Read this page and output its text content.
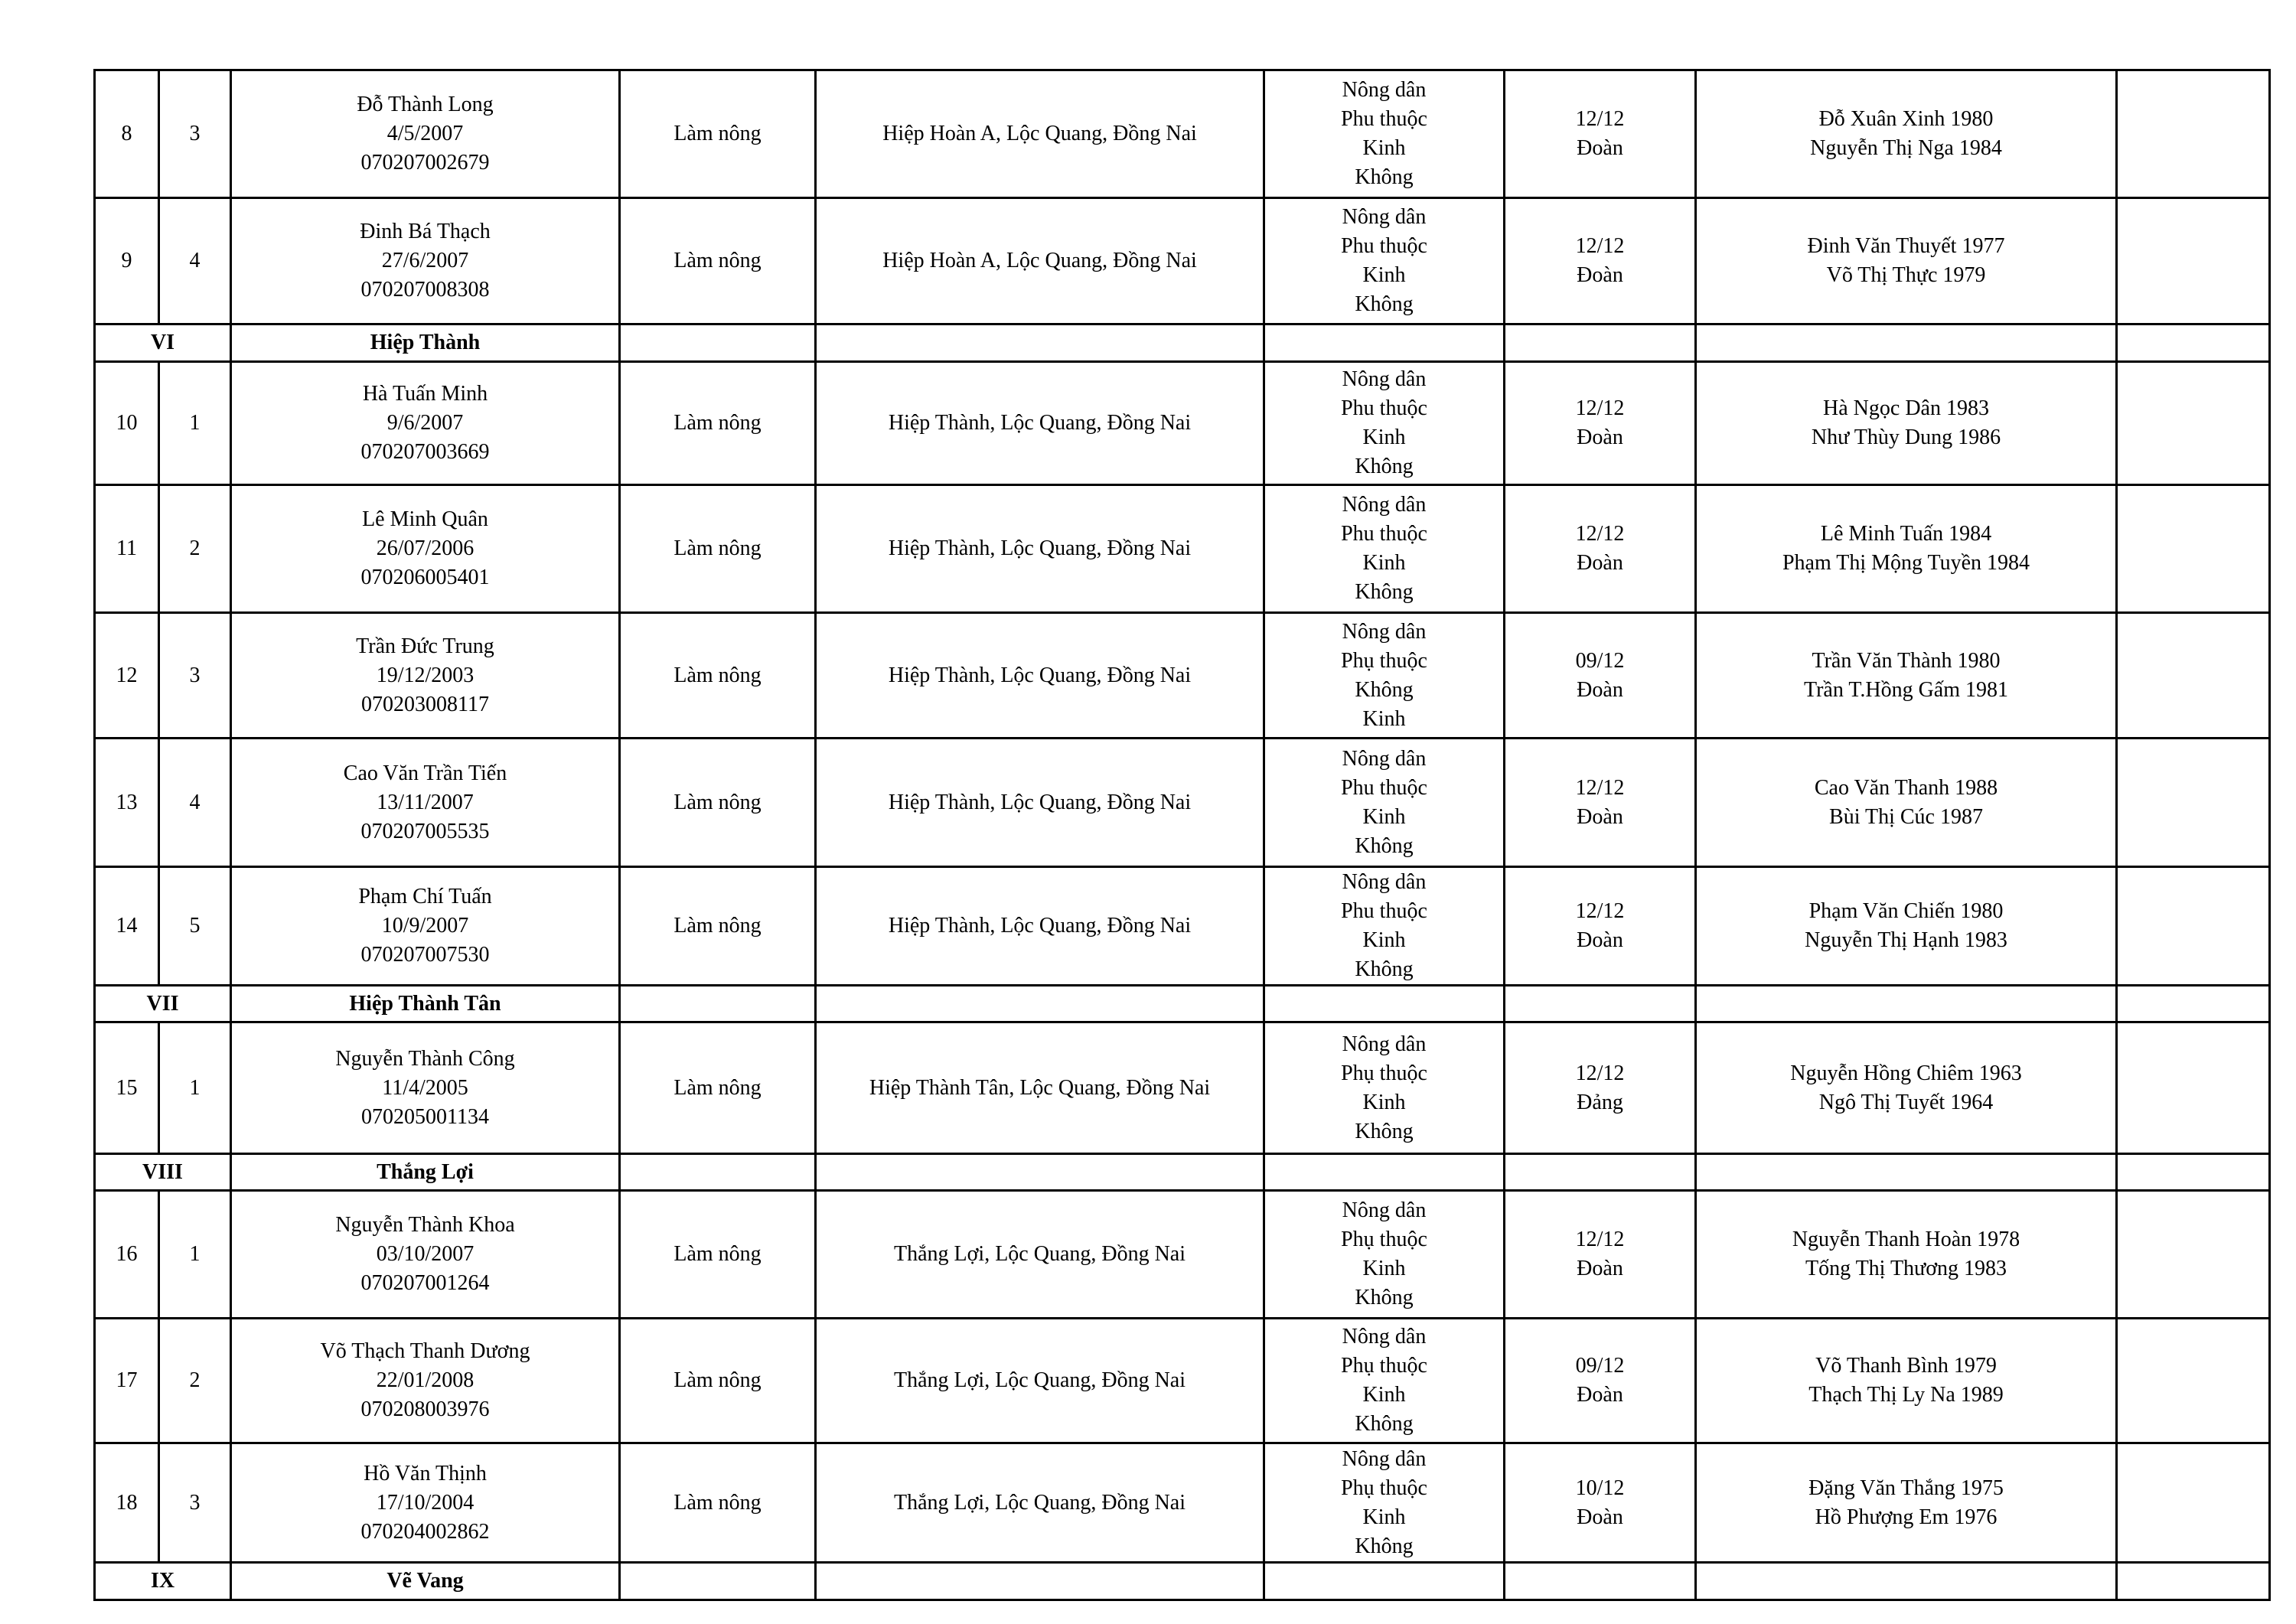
8	3	Đỗ Thành Long
4/5/2007
070207002679	Làm nông	Hiệp Hoàn A, Lộc Quang, Đồng Nai	Nông dân
Phu thuộc
Kinh
Không	12/12
Đoàn	Đỗ Xuân Xinh 1980
Nguyễn Thị Nga 1984	

9	4	Đinh Bá Thạch
27/6/2007
070207008308	Làm nông	Hiệp Hoàn A, Lộc Quang, Đồng Nai	Nông dân
Phu thuộc
Kinh
Không	12/12
Đoàn	Đinh Văn Thuyết 1977
Võ Thị Thực 1979	

VI		Hiệp Thành						
10	1	Hà Tuấn Minh
9/6/2007
070207003669	Làm nông	Hiệp Thành, Lộc Quang, Đồng Nai	Nông dân
Phu thuộc
Kinh
Không	12/12
Đoàn	Hà Ngọc Dân 1983
Như Thùy Dung 1986	

11	2	Lê Minh Quân
26/07/2006
070206005401	Làm nông	Hiệp Thành, Lộc Quang, Đồng Nai	Nông dân
Phu thuộc
Kinh
Không	12/12
Đoàn	Lê Minh Tuấn 1984
Phạm Thị Mộng Tuyền 1984	

12	3	Trần Đức Trung
19/12/2003
070203008117	Làm nông	Hiệp Thành, Lộc Quang, Đồng Nai	Nông dân
Phụ thuộc
Không
Kinh	09/12
Đoàn	Trần Văn Thành 1980
Trần T.Hồng Gấm 1981	

13	4	Cao Văn Trần Tiến
13/11/2007
070207005535	Làm nông	Hiệp Thành, Lộc Quang, Đồng Nai	Nông dân
Phu thuộc
Kinh
Không	12/12
Đoàn	Cao Văn Thanh 1988
Bùi Thị Cúc 1987	

14	5	Phạm Chí Tuấn
10/9/2007
070207007530	Làm nông	Hiệp Thành, Lộc Quang, Đồng Nai	Nông dân
Phu thuộc
Kinh
Không	12/12
Đoàn	Phạm Văn Chiến 1980
Nguyễn Thị Hạnh 1983	

VII		Hiệp Thành Tân						
15	1	Nguyễn Thành Công
11/4/2005
070205001134	Làm nông	Hiệp Thành Tân, Lộc Quang, Đồng Nai	Nông dân
Phụ thuộc
Kinh
Không	12/12
Đảng	Nguyễn Hồng Chiêm 1963
Ngô Thị Tuyết 1964	

VIII		Thắng Lợi						
16	1	Nguyễn Thành Khoa
03/10/2007
070207001264	Làm nông	Thắng Lợi, Lộc Quang, Đồng Nai	Nông dân
Phụ thuộc
Kinh
Không	12/12
Đoàn	Nguyễn Thanh Hoàn 1978
Tống Thị Thương 1983	

17	2	Võ Thạch Thanh Dương
22/01/2008
070208003976	Làm nông	Thắng Lợi, Lộc Quang, Đồng Nai	Nông dân
Phụ thuộc
Kinh
Không	09/12
Đoàn	Võ Thanh Bình 1979
Thạch Thị Ly Na 1989	

18	3	Hồ Văn Thịnh
17/10/2004
070204002862	Làm nông	Thắng Lợi, Lộc Quang, Đồng Nai	Nông dân
Phụ thuộc
Kinh
Không	10/12
Đoàn	Đặng Văn Thắng 1975
Hồ Phượng Em 1976	

IX		Vẽ Vang						
